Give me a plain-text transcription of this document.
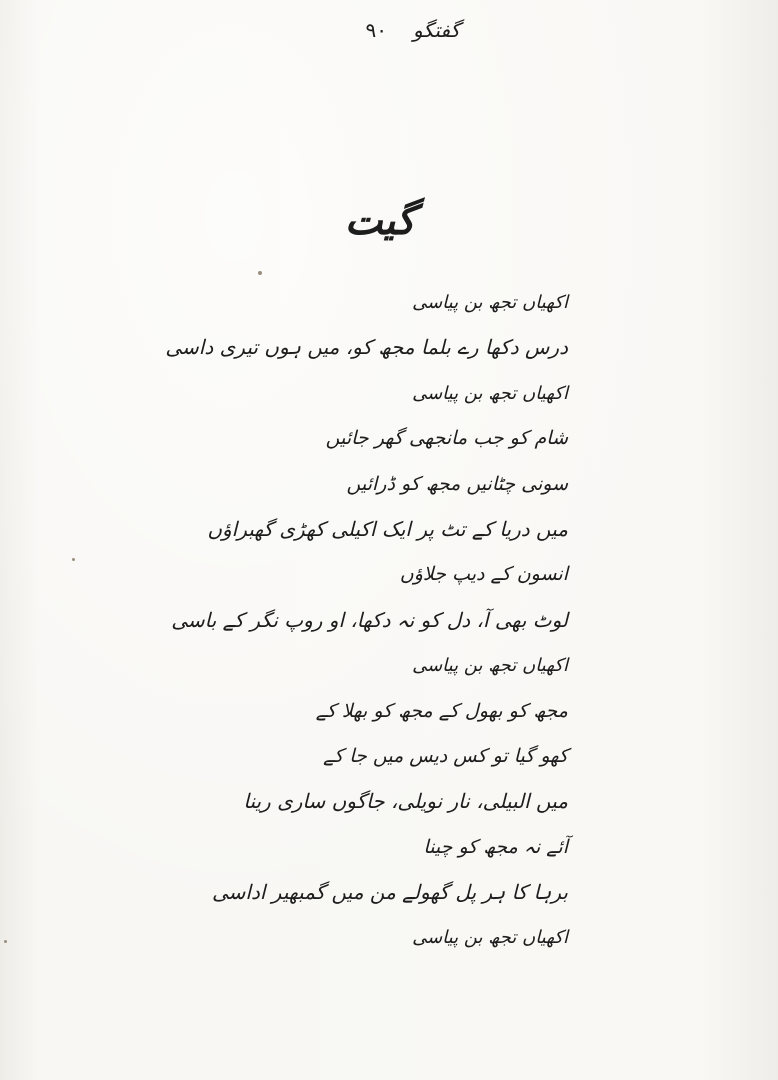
گفتگو
۹۰
گیت
اکھیاں تجھ بن پیاسی
درس دکھا رے بلما مجھ کو، میں ہوں تیری داسی
اکھیاں تجھ بن پیاسی
شام کو جب مانجھی گھر جائیں
سونی چٹانیں مجھ کو ڈرائیں
میں دریا کے تٹ پر ایک اکیلی کھڑی گھبراؤں
انسون کے دیپ جلاؤں
لوٹ بھی آ، دل کو نہ دکھا، او روپ نگر کے باسی
اکھیاں تجھ بن پیاسی
مجھ کو بھول کے مجھ کو بھلا کے
کھو گیا تو کس دیس میں جا کے
میں البیلی، نار نویلی، جاگوں ساری رینا
آئے نہ مجھ کو چینا
برہا کا ہر پل گھولے من میں گمبھیر اداسی
اکھیاں تجھ بن پیاسی
